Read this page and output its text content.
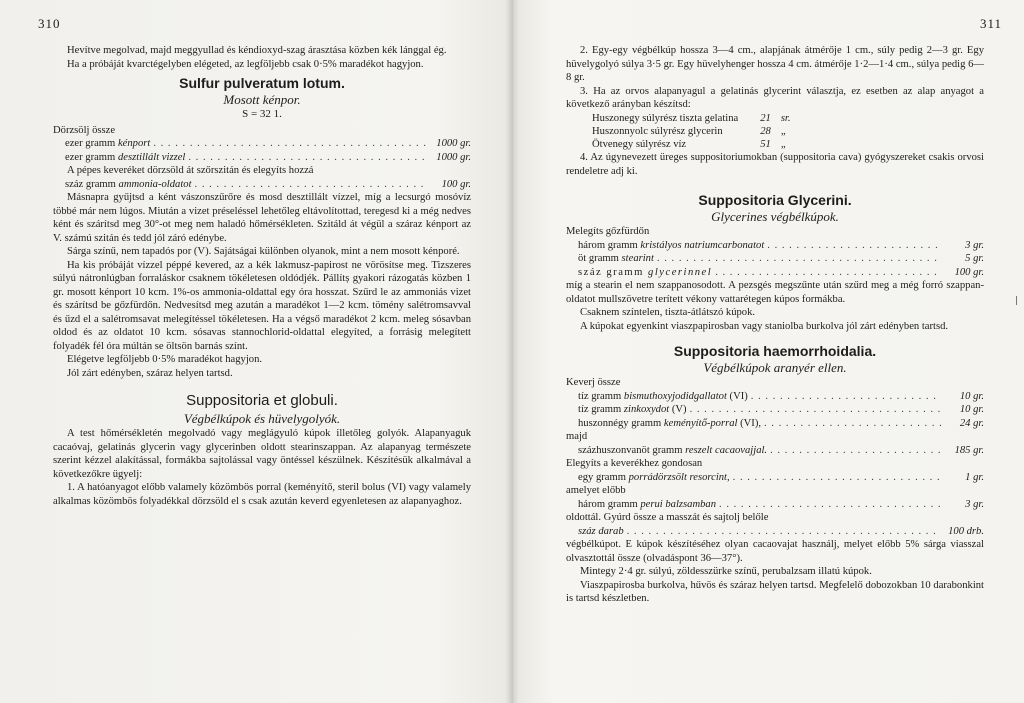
310

Hevítve megolvad, majd meggyullad és kéndioxyd-szag árasztása közben kék lánggal ég.

Ha a próbáját kvarctégelyben elégeted, az legföljebb csak 0·5% maradékot hagyjon.

Sulfur pulveratum lotum.
Mosott kénpor.

S = 32 1.

Dörzsölj össze

ezer gramm kénport . . .	1000 gr.
ezer gramm desztillált vizzel . . .	1000 gr.

A pépes keveréket dörzsöld át szőrszitán és elegyíts hozzá

száz gramm ammonia-oldatot . . .	100 gr.

Másnapra gyűjtsd a ként vászonszűrőre és mosd desztillált vízzel, míg a lecsurgó mosóvíz többé már nem lúgos. Miután a vizet préseléssel lehetőleg eltávolítottad, teregesd ki a még nedves ként és szárítsd meg 30°-ot meg nem haladó hőmérsékleten. Szitáld át végül a száraz kénport az V. számú szitán és tedd jól záró edénybe.

Sárga színű, nem tapadós por (V). Sajátságai különben olyanok, mint a nem mosott kénporé.

Ha kis próbáját vízzel péppé kevered, az a kék lakmusz-papirost ne vörösítse meg. Tizszeres súlyú nátronlúgban forraláskor csaknem tökéletesen oldódjék. Pállítș gyakori rázogatás közben 1 gr. mosott kénport 10 kcm. 1%-os ammonia-oldattal egy óra hosszat. Szűrd le az ammoniás vizet és szárítsd be gőzfürdőn. Nedvesítsd meg azután a maradékot 1—2 kcm. tömény salétromsavval és űzd el a salétromsavat melegítéssel tökéletesen. Ha a végső maradékot 2 kcm. meleg sósavban oldod és az oldatot 10 kcm. sósavas stannochlorid-oldattal elegyíted, a forrásig melegített folyadék fél óra múltán se öltsön barnás színt.

Elégetve legföljebb 0·5% maradékot hagyjon.

Jól zárt edényben, száraz helyen tartsd.

Suppositoria et globuli.

Végbélkúpok és hüvelygolyók.

A test hőmérsékletén megolvadó vagy meglágyuló kúpok illetőleg golyók. Alapanyaguk cacaóvaj, gelatinás glycerin vagy glycerinben oldott stearinszappan. Az alapanyag természete szerint kézzel alakítással, formákba sajtolással vagy öntéssel készülnek. Készítésük alkalmával a következőkre ügyelj:

1. A hatóanyagot előbb valamely közömbös porral (keményítő, steril bolus (VI) vagy valamely alkalmas közömbös folyadékkal dörzsöld el s csak azután keverd egyenletesen az alapanyaghoz.

311

2. Egy-egy végbélkúp hossza 3—4 cm., alapjának átmérője 1 cm., súly pedig 2—3 gr. Egy hüvelygolyó súlya 3·5 gr. Egy hüvelyhenger hossza 4 cm. átmérője 1·2—1·4 cm., súlya pedig 6—8 gr.

3. Ha az orvos alapanyagul a gelatinás glycerint választja, ez esetben az alap anyagot a következő arányban készítsd:

Huszonegy súlyrész tiszta gelatina	21	sr.
Huszonnyolc súlyrész glycerin	28	„
Ötvenegy súlyrész víz	51	„

4. Az úgynevezett üreges suppositoriumokban (suppositoria cava) gyógyszereket csakis orvosi rendeletre adj ki.

Suppositoria Glycerini.
Glycerines végbélkúpok.

Melegíts gőzfürdőn

három gramm kristályos natriumcarbonatot . . .	3 gr.
öt gramm stearint . . .	5 gr.
száz gramm glycerinnel . . .	100 gr.

míg a stearin el nem szappanosodott. A pezsgés megszűnte után szűrd meg a még forró szappan-oldatot mullszövetre terített vékony vattarétegen kúpos formákba.

Csaknem színtelen, tiszta-átlátszó kúpok.

A kúpokat egyenkint viaszpapirosban vagy staniolba burkolva jól zárt edényben tartsd.

Suppositoria haemorrhoidalia.
Végbélkúpok aranyér ellen.

Keverj össze

tíz gramm bismuthoxyjodidgallatot (VI) . . .	10 gr.
tíz gramm zinkoxydot (V) . . .	10 gr.
huszonnégy gramm keményítő-porral (VI), . . .	24 gr.

majd

százhuszonvanöt gramm reszelt cacaovajjal. . . .	185 gr.

Elegyíts a keverékhez gondosan

egy gramm porrádörzsölt resorcint, . . .	1 gr.

amelyet előbb

három gramm perui balzsamban . . .	3 gr.

oldottál. Gyúrd össze a masszát és sajtolj belőle

száz darab . . .	100 drb.

végbélkúpot. E kúpok készítéséhez olyan cacaovajat használj, melyet előbb 5% sárga viasszal olvasztottál össze (olvadáspont 36—37°).

Mintegy 2·4 gr. súlyú, zöldesszürke színű, perubalzsam illatú kúpok.

Viaszpapirosba burkolva, hűvös és száraz helyen tartsd. Megfelelő dobozokban 10 darabonkint is tartsd készletben.
